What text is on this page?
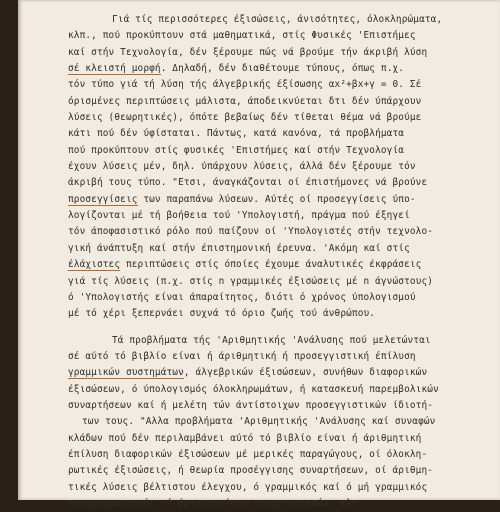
Γιά τίς περισσότερες έξισώσεις, άνισότητες, όλοκληρώματα,
κλπ., πού προκύπτουν στά μαθηματικά, στίς Φυσικές 'Επιστήμες
καί στήν Τεχνολογία, δέν ξέρουμε πώς νά βρούμε τήν άκριβή λύση
σέ κλειστή μορφή. Δηλαδή, δέν διαθέτουμε τύπους, όπως π.χ.
τόν τύπο γιά τή λύση τής άλγεβρικής έξίσωσης αx²+βx+γ = 0. Σέ
όρισμένες περιπτώσεις μάλιστα, άποδεικνύεται δτι δέν ύπάρχουν
λύσεις (θεωρητικές), όπότε βεβαίως δέν τίθεται θέμα νά βρούμε
κάτι πού δέν ύφίσταται. Πάντως, κατά κανόνα, τά προβλήματα
πού προκύπτουν στίς φυσικές 'Επιστήμες καί στήν Τεχνολογία
έχουν λύσεις μέν, δηλ. ύπάρχουν λύσεις, άλλά δέν ξέρουμε τόν
άκριβή τους τύπο. "Ετσι, άναγκάζονται οί έπιστήμονες νά βρούνε
προσεγγίσεις των παραπάνω λύσεων. Αύτές οί προσεγγίσεις ύπο-
λογίζονται μέ τή βοήθεια τού 'Υπολογιστή, πράγμα πού έξηγεί
τόν άποφασιστικό ρόλο πού παίζουν οί 'Υπολογιστές στήν τεχνολο-
γική άνάπτυξη καί στήν έπιστημονική έρευνα. 'Ακόμη καί στίς
έλάχιστες περιπτώσεις στίς όποίες έχουμε άναλυτικές έκφράσεις
γιά τίς λύσεις (π.χ. στίς n γραμμικές έξισώσεις μέ n άγνώστους)
ό 'Υπολογιστής είναι άπαραίτητος, διότι ό χρόνος ύπολογισμού
μέ τό χέρι ξεπερνάει συχνά τό όριο ζωής τού άνθρώπου.
Τά προβλήματα τής 'Αριθμητικής 'Ανάλυσης πού μελετώνται
σέ αύτό τό βιβλίο είναι ή άριθμητική ή προσεγγιστική έπίλυση
γραμμικών συστημάτων, άλγεβρικών έξισώσεων, συνήθων διαφορικών
έξισώσεων, ό ύπολογισμός όλοκληρωμάτων, ή κατασκευή παρεμβολικών
συναρτήσεων καί ή μελέτη τών άντίστοιχων προσεγγιστικών ίδιοτή-
των τους. "Αλλα προβλήματα 'Αριθμητικής 'Ανάλυσης καί συναφών
κλάδων πού δέν περιλαμβάνει αύτό τό βιβλίο είναι ή άριθμητική
έπίλυση διαφορικών έξισώσεων μέ μερικές παραγώγους, οί όλοκλη-
ρωτικές έξισώσεις, ή θεωρία προσέγγισης συναρτήσεων, οί άριθμη-
τικές λύσεις βέλτιστου έλεγχου, ό γραμμικός καί ό μή γραμμικός
προγραμματισμός, ή άριστοποίηση συναρτησιακών, κλπ.
